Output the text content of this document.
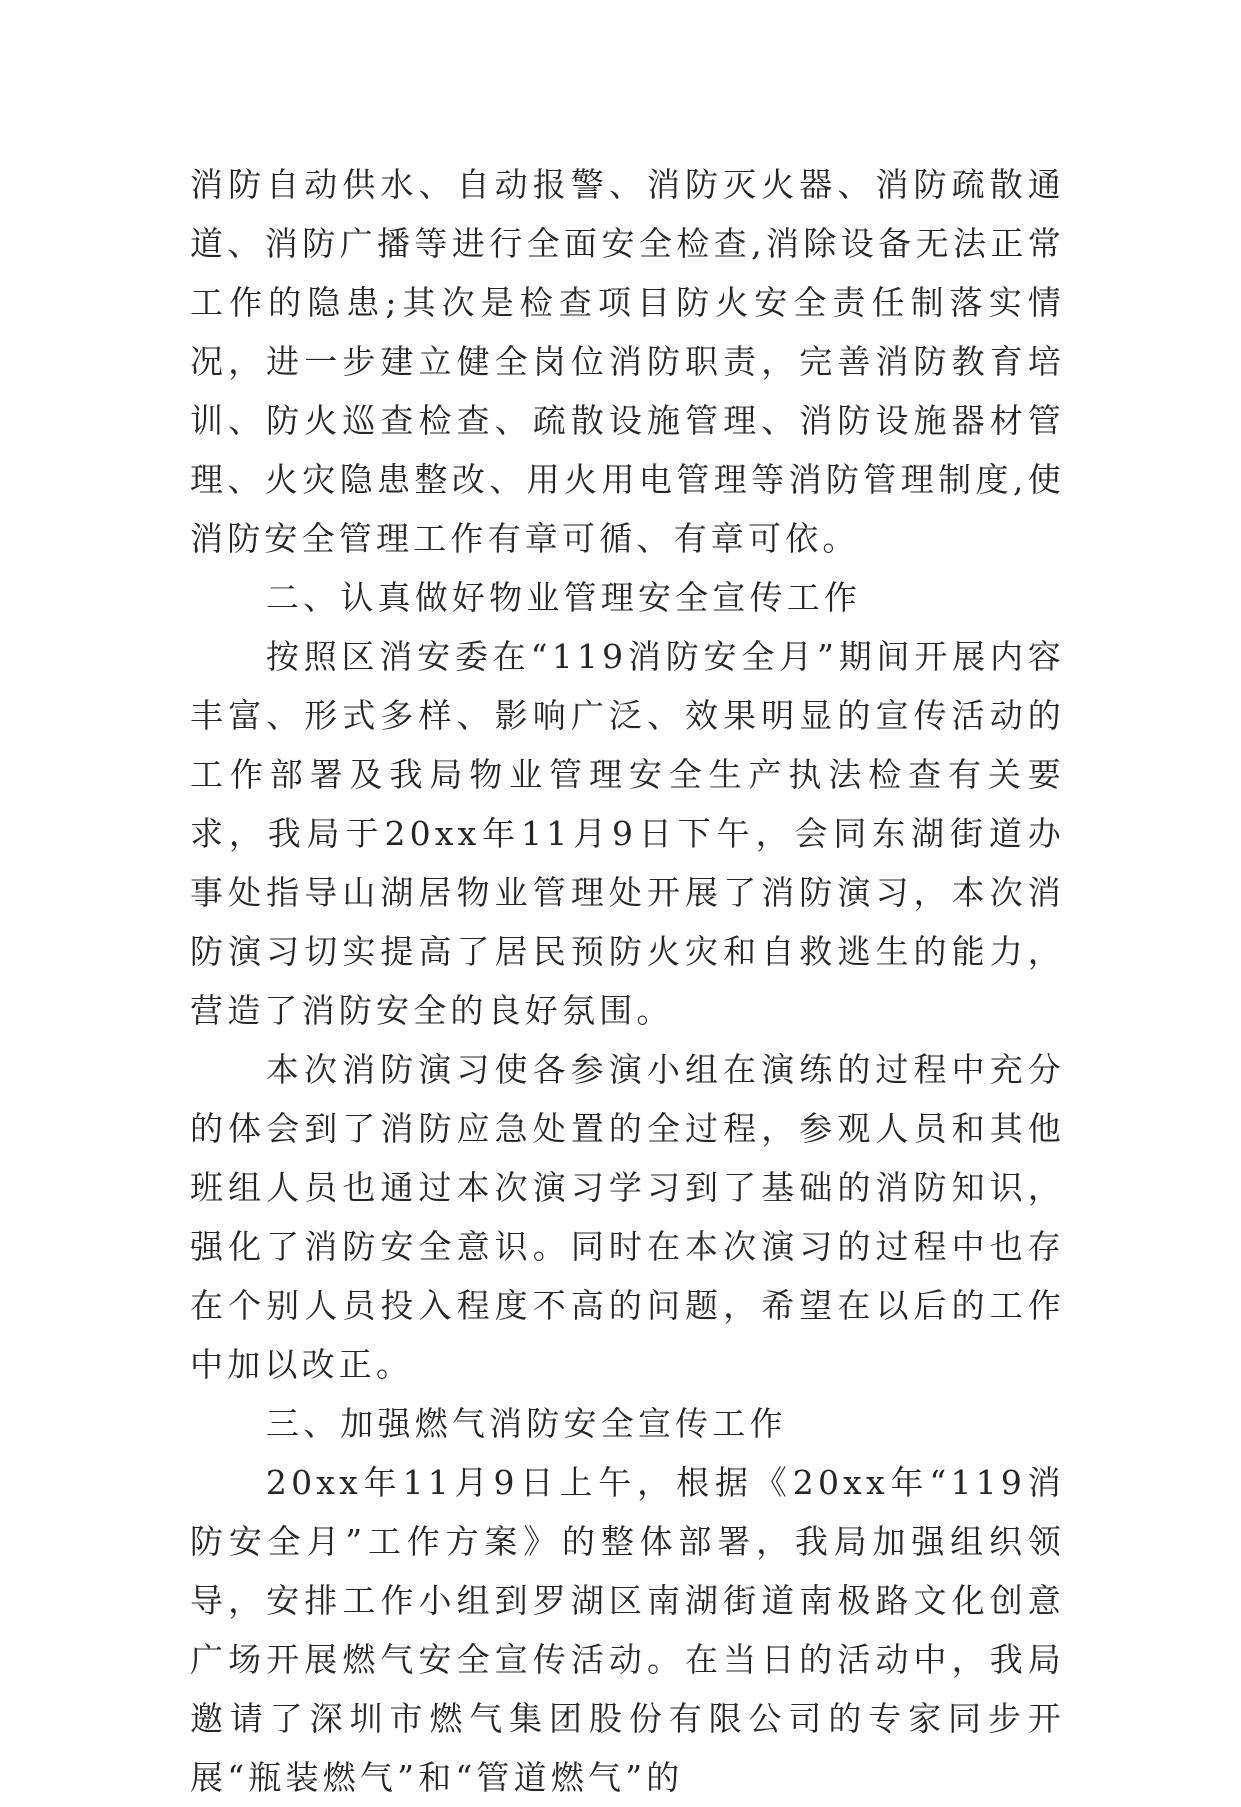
消防自动供水、自动报警、消防灭火器、消防疏散通道、消防广播等进行全面安全检查,消除设备无法正常工作的隐患;其次是检查项目防火安全责任制落实情况，进一步建立健全岗位消防职责，完善消防教育培训、防火巡查检查、疏散设施管理、消防设施器材管理、火灾隐患整改、用火用电管理等消防管理制度,使消防安全管理工作有章可循、有章可依。

二、认真做好物业管理安全宣传工作

按照区消安委在“119消防安全月”期间开展内容丰富、形式多样、影响广泛、效果明显的宣传活动的工作部署及我局物业管理安全生产执法检查有关要求，我局于20xx年11月9日下午，会同东湖街道办事处指导山湖居物业管理处开展了消防演习，本次消防演习切实提高了居民预防火灾和自救逃生的能力，营造了消防安全的良好氛围。

本次消防演习使各参演小组在演练的过程中充分的体会到了消防应急处置的全过程，参观人员和其他班组人员也通过本次演习学习到了基础的消防知识，强化了消防安全意识。同时在本次演习的过程中也存在个别人员投入程度不高的问题，希望在以后的工作中加以改正。

三、加强燃气消防安全宣传工作

20xx年11月9日上午，根据《20xx年“119消防安全月”工作方案》的整体部署，我局加强组织领导，安排工作小组到罗湖区南湖街道南极路文化创意广场开展燃气安全宣传活动。在当日的活动中，我局邀请了深圳市燃气集团股份有限公司的专家同步开展“瓶装燃气”和“管道燃气”的
